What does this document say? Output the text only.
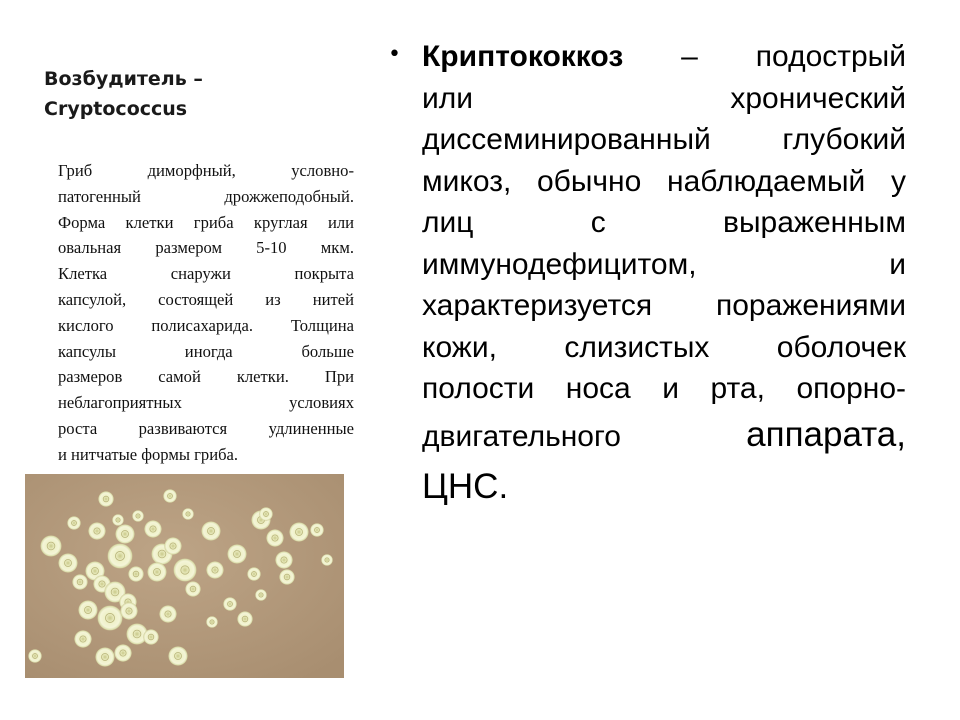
Возбудитель –
Cryptococcus
Гриб диморфный, условно-
патогенный дрожжеподобный.
Форма клетки гриба круглая или
овальная размером 5-10 мкм.
Клетка снаружи покрыта
капсулой, состоящей из нитей
кислого полисахарида. Толщина
капсулы иногда больше
размеров самой клетки. При
неблагоприятных условиях
роста развиваются удлиненные
и нитчатые формы гриба.
• Криптококкоз – подострый
или хронический
диссеминированный глубокий
микоз, обычно наблюдаемый у
лиц с выраженным
иммунодефицитом, и
характеризуется поражениями
кожи, слизистых оболочек
полости носа и рта, опорно-
двигательного аппарата,
ЦНС.
